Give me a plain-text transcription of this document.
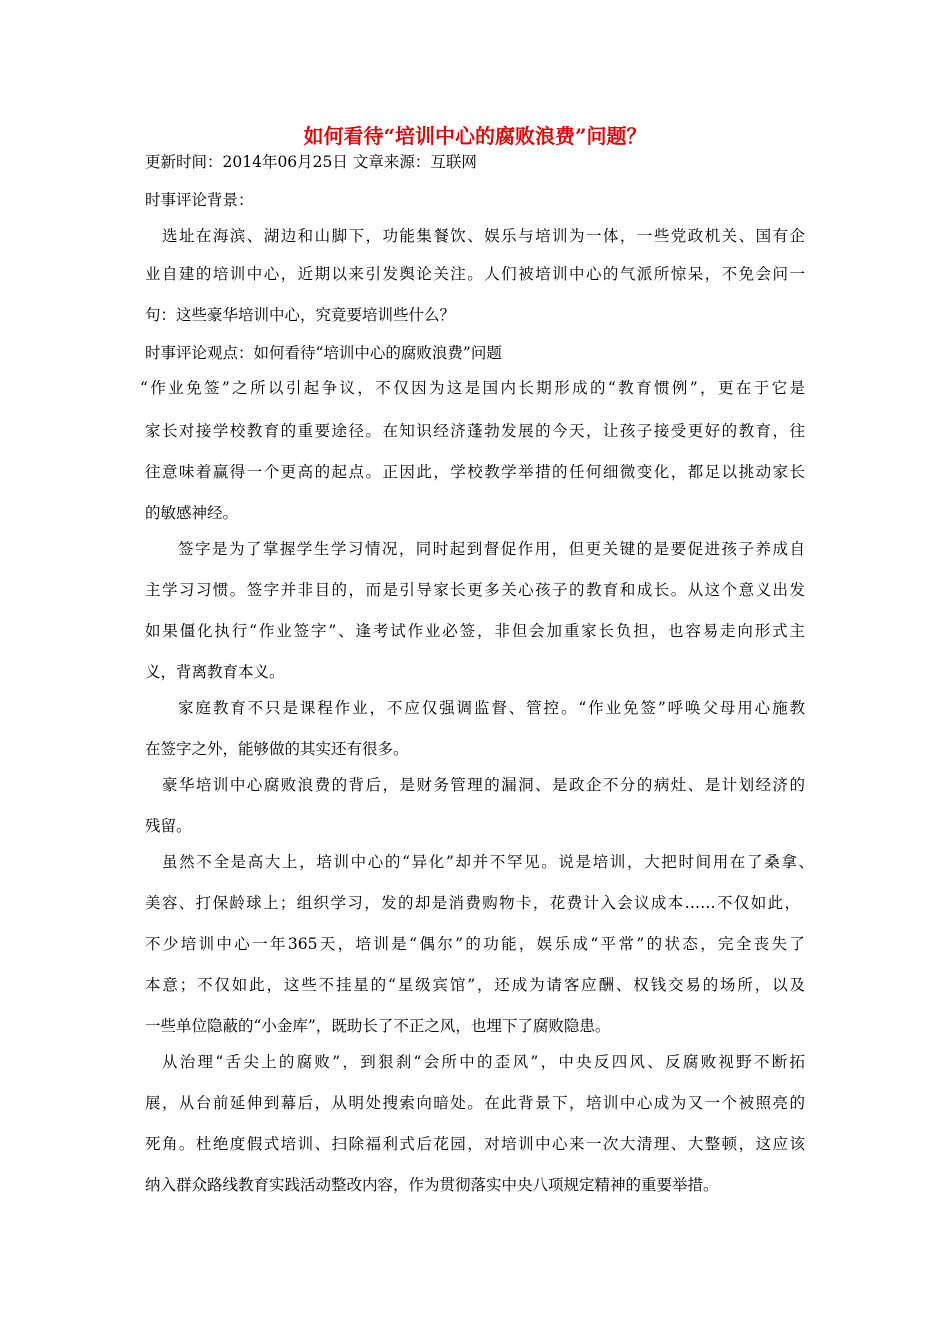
如何看待“培训中心的腐败浪费”问题？
更新时间：2014年06月25日 文章来源：互联网
时事评论背景：
选址在海滨、湖边和山脚下，功能集餐饮、娱乐与培训为一体，一些党政机关、国有企
业自建的培训中心，近期以来引发舆论关注。人们被培训中心的气派所惊呆，不免会问一
句：这些豪华培训中心，究竟要培训些什么？
时事评论观点：如何看待“培训中心的腐败浪费”问题
“作业免签”之所以引起争议，不仅因为这是国内长期形成的“教育惯例”，更在于它是
家长对接学校教育的重要途径。在知识经济蓬勃发展的今天，让孩子接受更好的教育，往
往意味着赢得一个更高的起点。正因此，学校教学举措的任何细微变化，都足以挑动家长
的敏感神经。
签字是为了掌握学生学习情况，同时起到督促作用，但更关键的是要促进孩子养成自
主学习习惯。签字并非目的，而是引导家长更多关心孩子的教育和成长。从这个意义出发
如果僵化执行“作业签字”、逢考试作业必签，非但会加重家长负担，也容易走向形式主
义，背离教育本义。
家庭教育不只是课程作业，不应仅强调监督、管控。“作业免签”呼唤父母用心施教
在签字之外，能够做的其实还有很多。
豪华培训中心腐败浪费的背后，是财务管理的漏洞、是政企不分的病灶、是计划经济的
残留。
虽然不全是高大上，培训中心的“异化”却并不罕见。说是培训，大把时间用在了桑拿、
美容、打保龄球上；组织学习，发的却是消费购物卡，花费计入会议成本……不仅如此，
不少培训中心一年365天，培训是“偶尔”的功能，娱乐成“平常”的状态，完全丧失了
本意；不仅如此，这些不挂星的“星级宾馆”，还成为请客应酬、权钱交易的场所，以及
一些单位隐蔽的“小金库”，既助长了不正之风，也埋下了腐败隐患。
从治理“舌尖上的腐败”，到狠刹“会所中的歪风”，中央反四风、反腐败视野不断拓
展，从台前延伸到幕后，从明处搜索向暗处。在此背景下，培训中心成为又一个被照亮的
死角。杜绝度假式培训、扫除福利式后花园，对培训中心来一次大清理、大整顿，这应该
纳入群众路线教育实践活动整改内容，作为贯彻落实中央八项规定精神的重要举措。
